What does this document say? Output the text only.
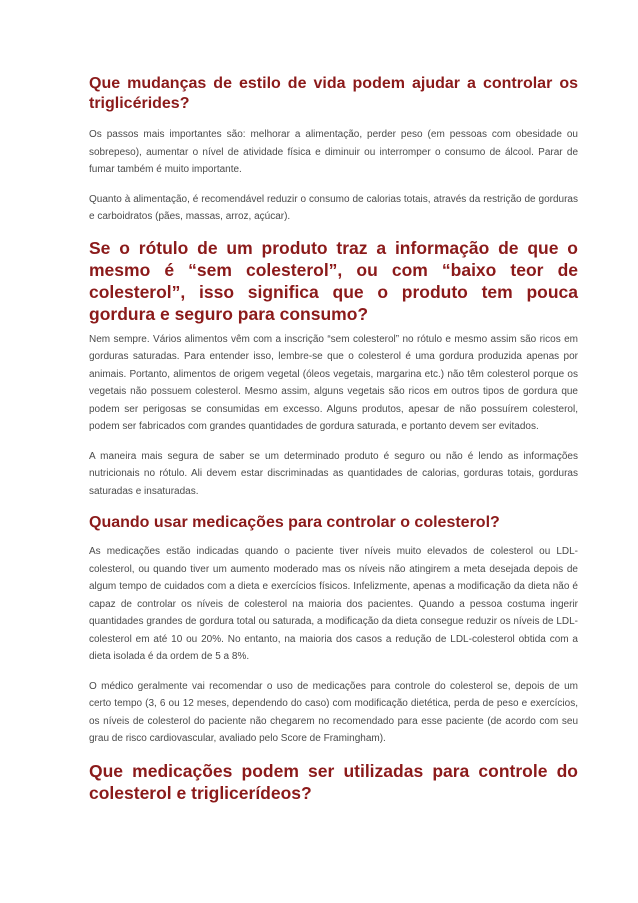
Que mudanças de estilo de vida podem ajudar a controlar os triglicérides?

Os passos mais importantes são: melhorar a alimentação, perder peso (em pessoas com obesidade ou sobrepeso), aumentar o nível de atividade física e diminuir ou interromper o consumo de álcool. Parar de fumar também é muito importante.

Quanto à alimentação, é recomendável reduzir o consumo de calorias totais, através da restrição de gorduras e carboidratos (pães, massas, arroz, açúcar).

Se o rótulo de um produto traz a informação de que o mesmo é “sem colesterol”, ou com “baixo teor de colesterol”, isso significa que o produto tem pouca gordura e seguro para consumo?

Nem sempre. Vários alimentos vêm com a inscrição “sem colesterol” no rótulo e mesmo assim são ricos em gorduras saturadas. Para entender isso, lembre-se que o colesterol é uma gordura produzida apenas por animais. Portanto, alimentos de origem vegetal (óleos vegetais, margarina etc.) não têm colesterol porque os vegetais não possuem colesterol. Mesmo assim, alguns vegetais são ricos em outros tipos de gordura que podem ser perigosas se consumidas em excesso. Alguns produtos, apesar de não possuírem colesterol, podem ser fabricados com grandes quantidades de gordura saturada, e portanto devem ser evitados.

A maneira mais segura de saber se um determinado produto é seguro ou não é lendo as informações nutricionais no rótulo. Ali devem estar discriminadas as quantidades de calorias, gorduras totais, gorduras saturadas e insaturadas.

Quando usar medicações para controlar o colesterol?

As medicações estão indicadas quando o paciente tiver níveis muito elevados de colesterol ou LDL-colesterol, ou quando tiver um aumento moderado mas os níveis não atingirem a meta desejada depois de algum tempo de cuidados com a dieta e exercícios físicos. Infelizmente, apenas a modificação da dieta não é capaz de controlar os níveis de colesterol na maioria dos pacientes. Quando a pessoa costuma ingerir quantidades grandes de gordura total ou saturada, a modificação da dieta consegue reduzir os níveis de LDL-colesterol em até 10 ou 20%. No entanto, na maioria dos casos a redução de LDL-colesterol obtida com a dieta isolada é da ordem de 5 a 8%.

O médico geralmente vai recomendar o uso de medicações para controle do colesterol se, depois de um certo tempo (3, 6 ou 12 meses, dependendo do caso) com modificação dietética, perda de peso e exercícios, os níveis de colesterol do paciente não chegarem no recomendado para esse paciente (de acordo com seu grau de risco cardiovascular, avaliado pelo Score de Framingham).

Que medicações podem ser utilizadas para controle do colesterol e triglicerídeos?
